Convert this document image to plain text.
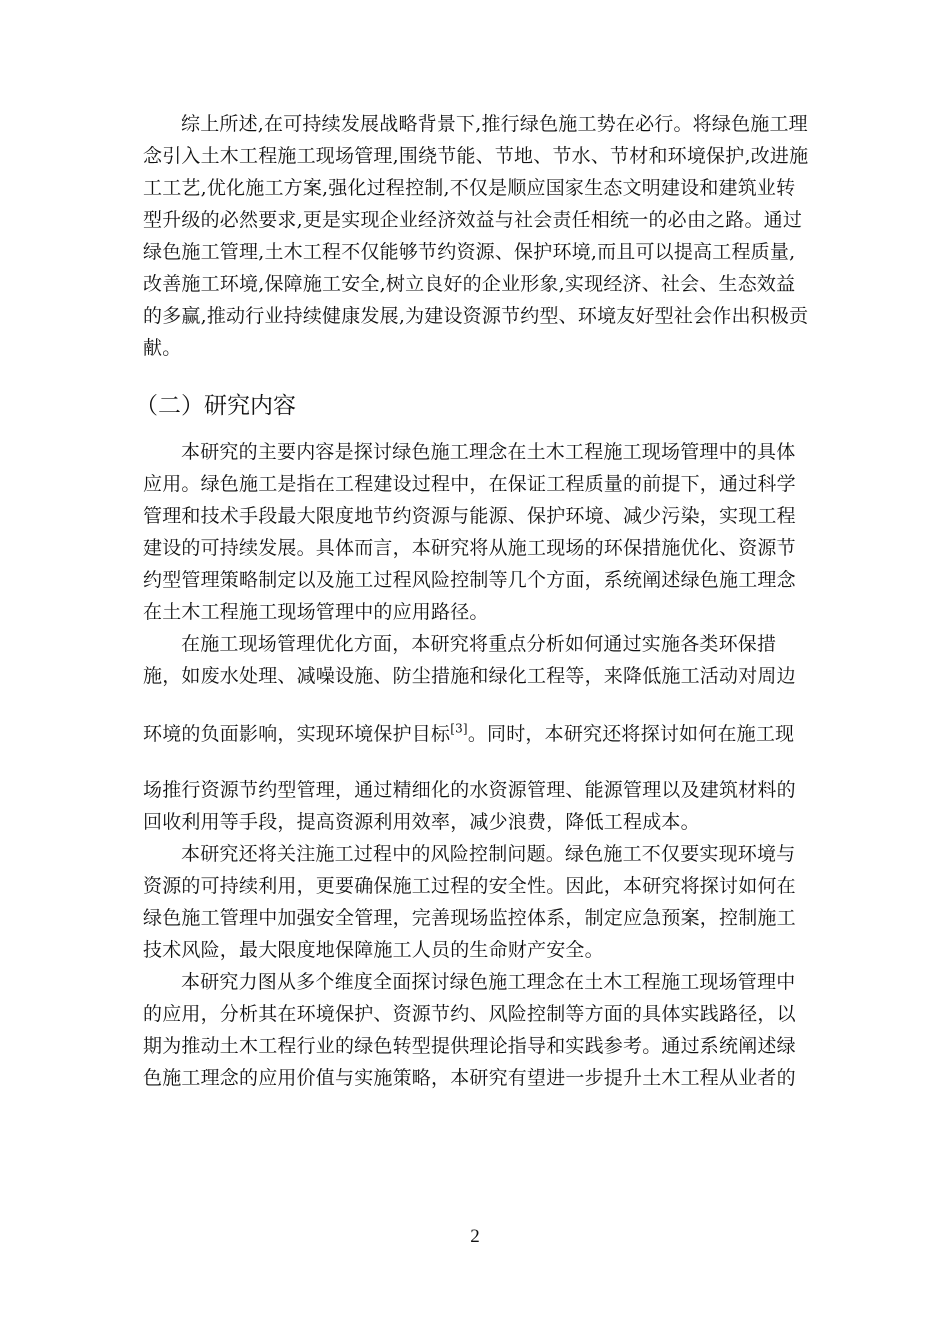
综上所述,在可持续发展战略背景下,推行绿色施工势在必行。将绿色施工理
念引入土木工程施工现场管理,围绕节能、节地、节水、节材和环境保护,改进施
工工艺,优化施工方案,强化过程控制,不仅是顺应国家生态文明建设和建筑业转
型升级的必然要求,更是实现企业经济效益与社会责任相统一的必由之路。通过
绿色施工管理,土木工程不仅能够节约资源、保护环境,而且可以提高工程质量,
改善施工环境,保障施工安全,树立良好的企业形象,实现经济、社会、生态效益
的多赢,推动行业持续健康发展,为建设资源节约型、环境友好型社会作出积极贡
献。
（二）研究内容
本研究的主要内容是探讨绿色施工理念在土木工程施工现场管理中的具体
应用。绿色施工是指在工程建设过程中，在保证工程质量的前提下，通过科学
管理和技术手段最大限度地节约资源与能源、保护环境、减少污染，实现工程
建设的可持续发展。具体而言，本研究将从施工现场的环保措施优化、资源节
约型管理策略制定以及施工过程风险控制等几个方面，系统阐述绿色施工理念
在土木工程施工现场管理中的应用路径。
在施工现场管理优化方面，本研究将重点分析如何通过实施各类环保措
施，如废水处理、减噪设施、防尘措施和绿化工程等，来降低施工活动对周边
环境的负面影响，实现环境保护目标[3]。同时，本研究还将探讨如何在施工现
场推行资源节约型管理，通过精细化的水资源管理、能源管理以及建筑材料的
回收利用等手段，提高资源利用效率，减少浪费，降低工程成本。
本研究还将关注施工过程中的风险控制问题。绿色施工不仅要实现环境与
资源的可持续利用，更要确保施工过程的安全性。因此，本研究将探讨如何在
绿色施工管理中加强安全管理，完善现场监控体系，制定应急预案，控制施工
技术风险，最大限度地保障施工人员的生命财产安全。
本研究力图从多个维度全面探讨绿色施工理念在土木工程施工现场管理中
的应用，分析其在环境保护、资源节约、风险控制等方面的具体实践路径，以
期为推动土木工程行业的绿色转型提供理论指导和实践参考。通过系统阐述绿
色施工理念的应用价值与实施策略，本研究有望进一步提升土木工程从业者的
2
